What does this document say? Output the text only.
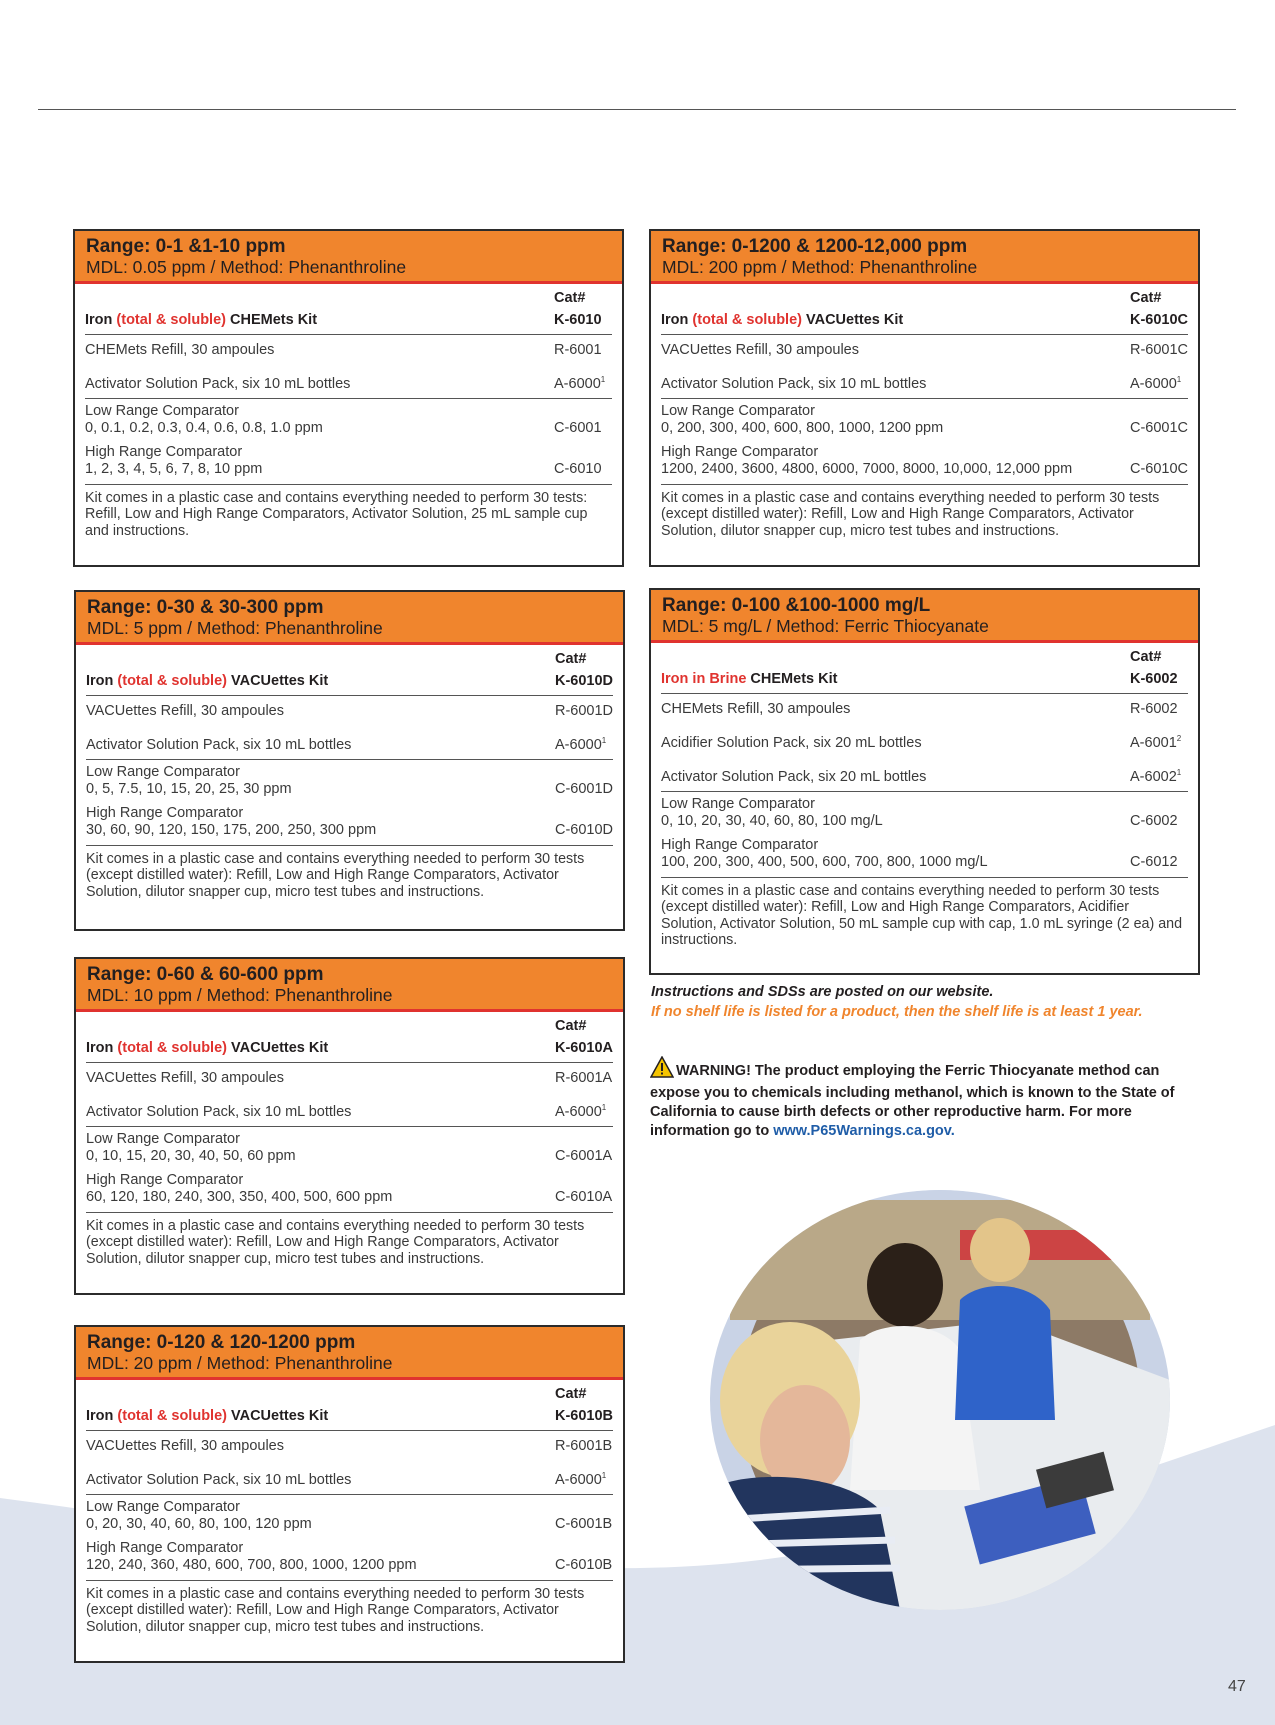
Range: 0-1 &1-10 ppm
MDL: 0.05 ppm / Method: Phenanthroline
Cat#
Iron (total & soluble) CHEMets Kit	K-6010
CHEMets Refill, 30 ampoules	R-6001
Activator Solution Pack, six 10 mL bottles	A-6000$^1$
Low Range Comparator
0, 0.1, 0.2, 0.3, 0.4, 0.6, 0.8, 1.0 ppm	C-6001
High Range Comparator
1, 2, 3, 4, 5, 6, 7, 8, 10 ppm	C-6010
Kit comes in a plastic case and contains everything needed to perform 30 tests: Refill, Low and High Range Comparators, Activator Solution, 25 mL sample cup and instructions.
Range: 0-30 & 30-300 ppm
MDL: 5 ppm / Method: Phenanthroline
Cat#
Iron (total & soluble) VACUettes Kit	K-6010D
VACUettes Refill, 30 ampoules	R-6001D
Activator Solution Pack, six 10 mL bottles	A-6000$^1$
Low Range Comparator
0, 5, 7.5, 10, 15, 20, 25, 30 ppm	C-6001D
High Range Comparator
30, 60, 90, 120, 150, 175, 200, 250, 300 ppm	C-6010D
Kit comes in a plastic case and contains everything needed to perform 30 tests (except distilled water): Refill, Low and High Range Comparators, Activator Solution, dilutor snapper cup, micro test tubes and instructions.
Range: 0-60 & 60-600 ppm
MDL: 10 ppm / Method: Phenanthroline
Cat#
Iron (total & soluble) VACUettes Kit	K-6010A
VACUettes Refill, 30 ampoules	R-6001A
Activator Solution Pack, six 10 mL bottles	A-6000$^1$
Low Range Comparator
0, 10, 15, 20, 30, 40, 50, 60 ppm	C-6001A
High Range Comparator
60, 120, 180, 240, 300, 350, 400, 500, 600 ppm	C-6010A
Kit comes in a plastic case and contains everything needed to perform 30 tests (except distilled water): Refill, Low and High Range Comparators, Activator Solution, dilutor snapper cup, micro test tubes and instructions.
Range: 0-120 & 120-1200 ppm
MDL: 20 ppm / Method: Phenanthroline
Cat#
Iron (total & soluble) VACUettes Kit	K-6010B
VACUettes Refill, 30 ampoules	R-6001B
Activator Solution Pack, six 10 mL bottles	A-6000$^1$
Low Range Comparator
0, 20, 30, 40, 60, 80, 100, 120 ppm	C-6001B
High Range Comparator
120, 240, 360, 480, 600, 700, 800, 1000, 1200 ppm	C-6010B
Kit comes in a plastic case and contains everything needed to perform 30 tests (except distilled water): Refill, Low and High Range Comparators, Activator Solution, dilutor snapper cup, micro test tubes and instructions.
Range: 0-1200 & 1200-12,000 ppm
MDL: 200 ppm / Method: Phenanthroline
Cat#
Iron (total & soluble) VACUettes Kit	K-6010C
VACUettes Refill, 30 ampoules	R-6001C
Activator Solution Pack, six 10 mL bottles	A-6000$^1$
Low Range Comparator
0, 200, 300, 400, 600, 800, 1000, 1200 ppm	C-6001C
High Range Comparator
1200, 2400, 3600, 4800, 6000, 7000, 8000, 10,000, 12,000 ppm	C-6010C
Kit comes in a plastic case and contains everything needed to perform 30 tests (except distilled water): Refill, Low and High Range Comparators, Activator Solution, dilutor snapper cup, micro test tubes and instructions.
Range: 0-100 &100-1000 mg/L
MDL: 5 mg/L / Method: Ferric Thiocyanate
Cat#
Iron in Brine CHEMets Kit	K-6002
CHEMets Refill, 30 ampoules	R-6002
Acidifier Solution Pack, six 20 mL bottles	A-6001$^2$
Activator Solution Pack, six 20 mL bottles	A-6002$^1$
Low Range Comparator
0, 10, 20, 30, 40, 60, 80, 100 mg/L	C-6002
High Range Comparator
100, 200, 300, 400, 500, 600, 700, 800, 1000 mg/L	C-6012
Kit comes in a plastic case and contains everything needed to perform 30 tests (except distilled water): Refill, Low and High Range Comparators, Acidifier Solution, Activator Solution, 50 mL sample cup with cap, 1.0 mL syringe (2 ea) and instructions.
Instructions and SDSs are posted on our website.
If no shelf life is listed for a product, then the shelf life is at least 1 year.
WARNING! The product employing the Ferric Thiocyanate method can expose you to chemicals including methanol, which is known to the State of California to cause birth defects or other reproductive harm. For more information go to www.P65Warnings.ca.gov.
47
